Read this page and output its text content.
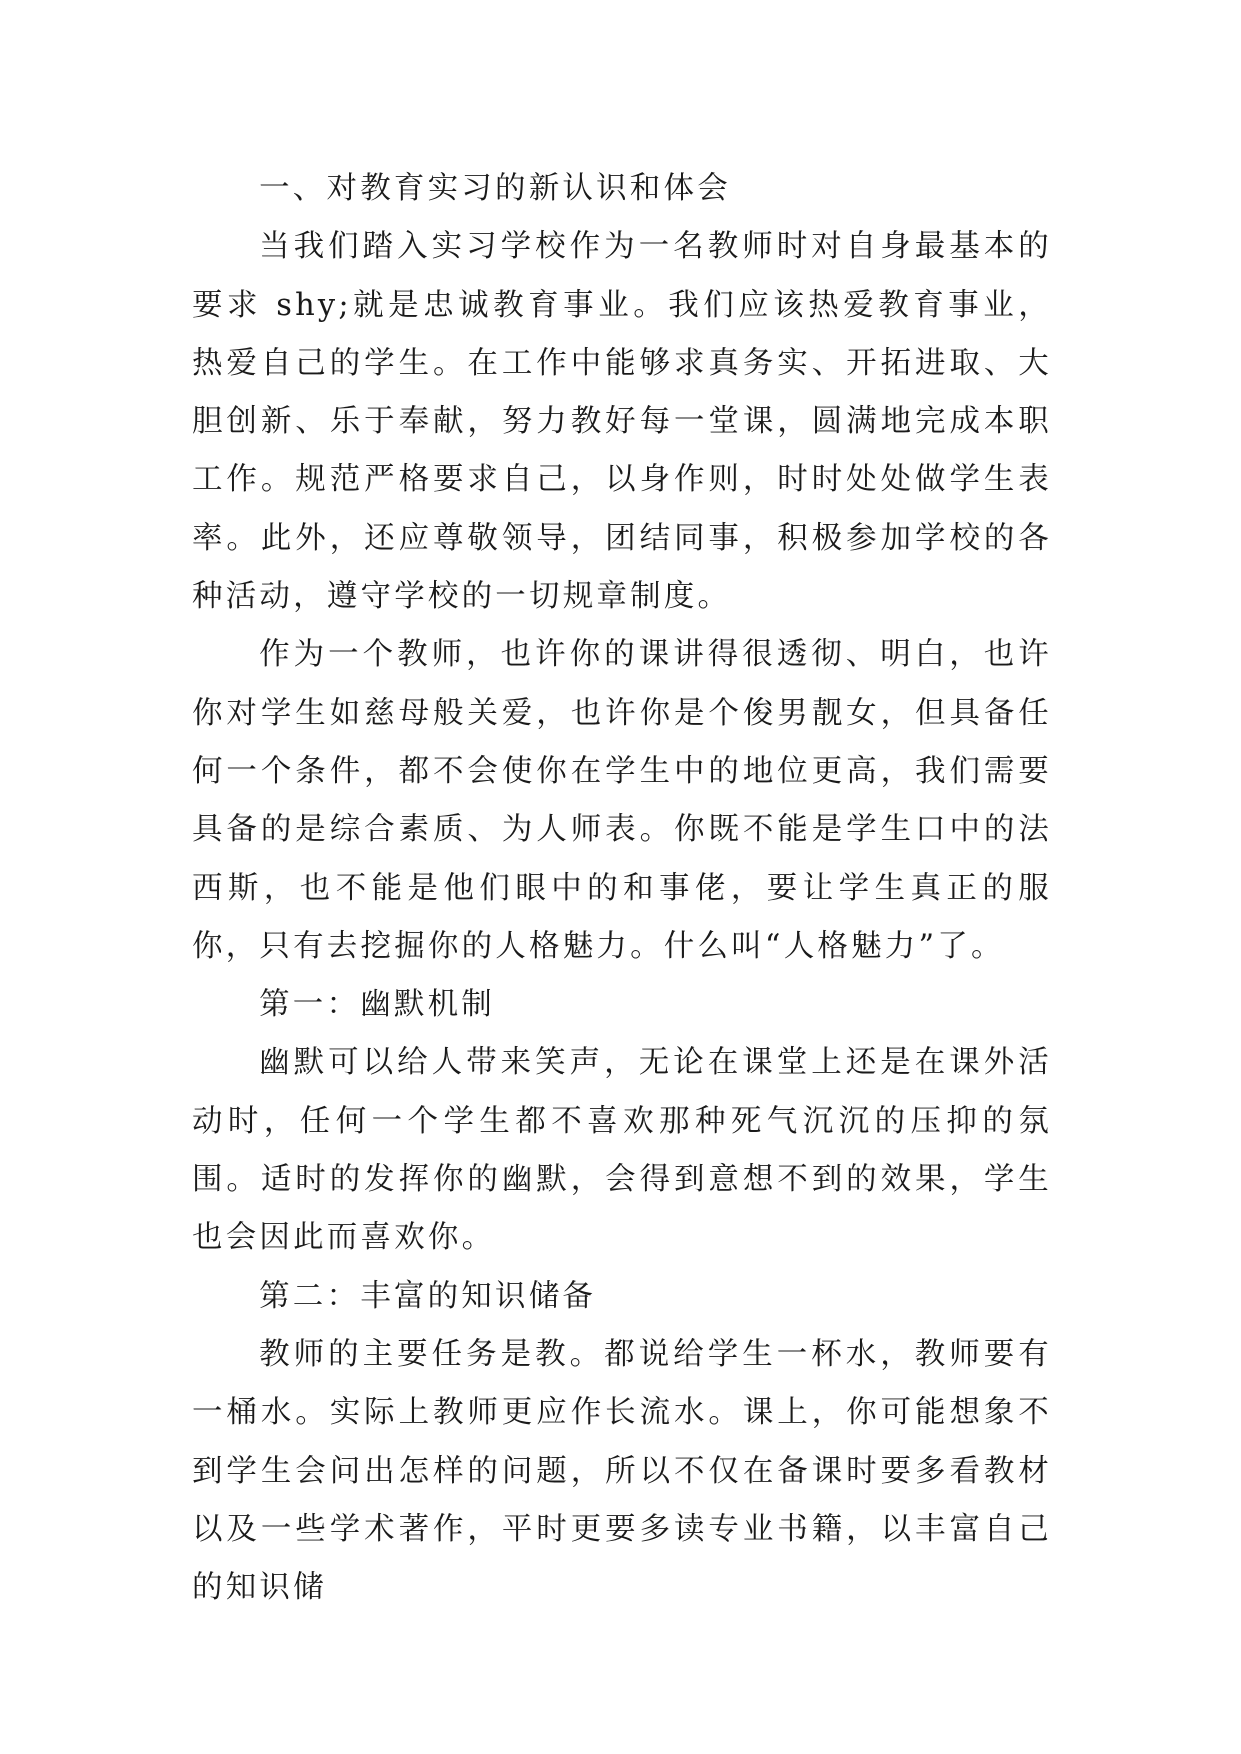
一、对教育实习的新认识和体会

当我们踏入实习学校作为一名教师时对自身最基本的要求 shy;就是忠诚教育事业。我们应该热爱教育事业，热爱自己的学生。在工作中能够求真务实、开拓进取、大胆创新、乐于奉献，努力教好每一堂课，圆满地完成本职工作。规范严格要求自己，以身作则，时时处处做学生表率。此外，还应尊敬领导，团结同事，积极参加学校的各种活动，遵守学校的一切规章制度。

作为一个教师，也许你的课讲得很透彻、明白，也许你对学生如慈母般关爱，也许你是个俊男靓女，但具备任何一个条件，都不会使你在学生中的地位更高，我们需要具备的是综合素质、为人师表。你既不能是学生口中的法西斯，也不能是他们眼中的和事佬，要让学生真正的服你，只有去挖掘你的人格魅力。什么叫“人格魅力”了。

第一：幽默机制

幽默可以给人带来笑声，无论在课堂上还是在课外活动时，任何一个学生都不喜欢那种死气沉沉的压抑的氛围。适时的发挥你的幽默，会得到意想不到的效果，学生也会因此而喜欢你。

第二：丰富的知识储备

教师的主要任务是教。都说给学生一杯水，教师要有一桶水。实际上教师更应作长流水。课上，你可能想象不到学生会问出怎样的问题，所以不仅在备课时要多看教材以及一些学术著作，平时更要多读专业书籍，以丰富自己的知识储
